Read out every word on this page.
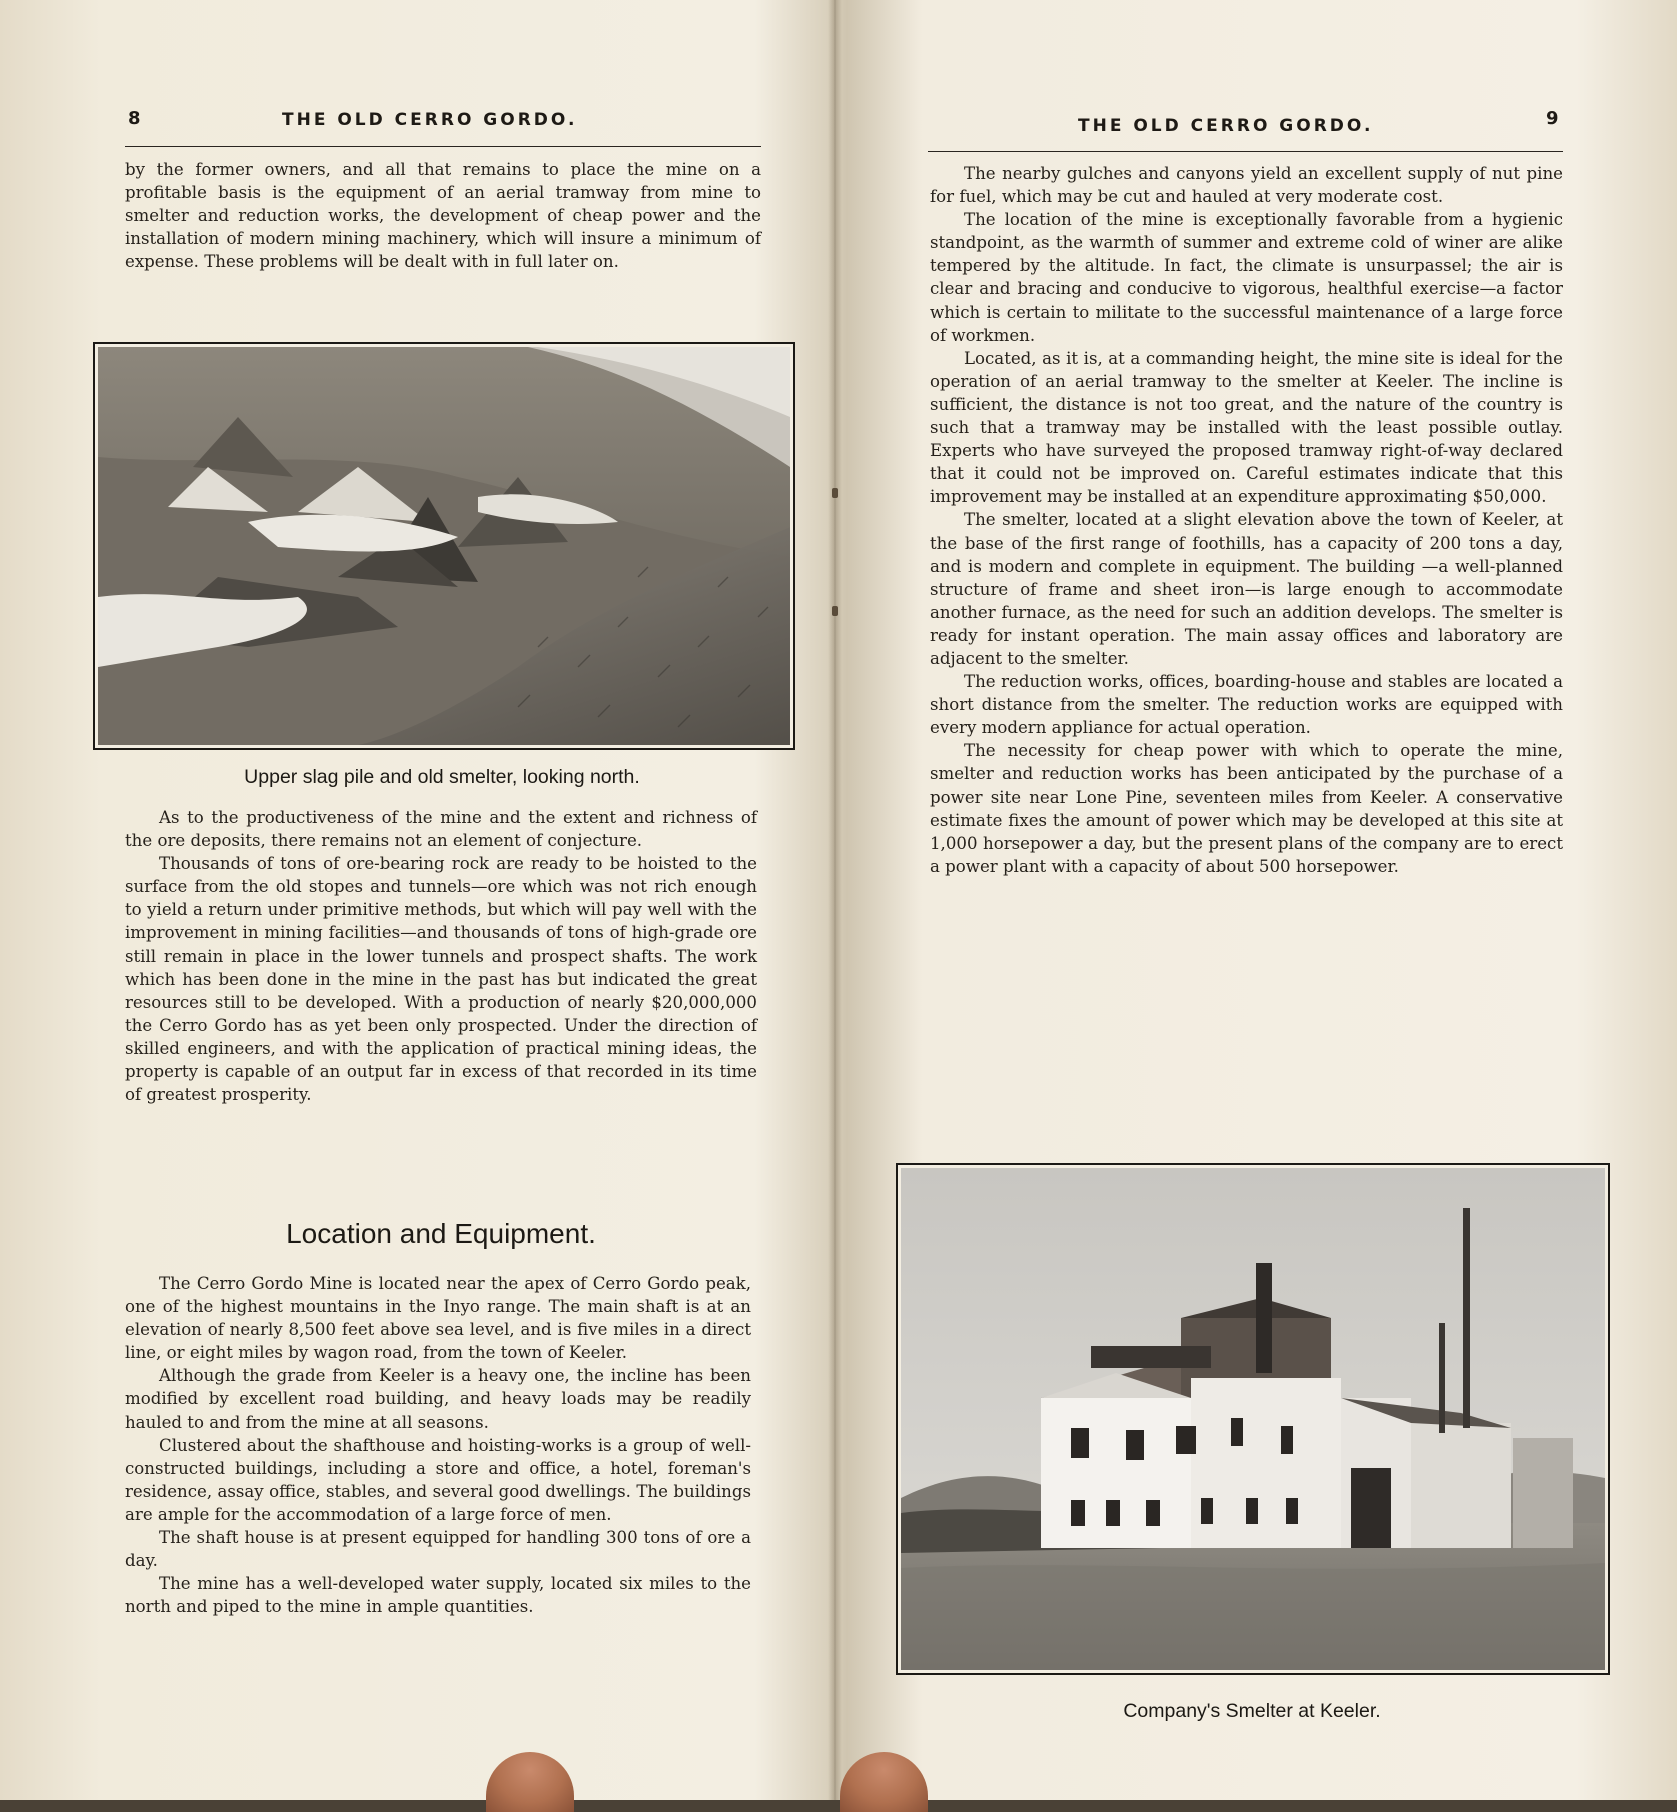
8	THE OLD CERRO GORDO.

by the former owners, and all that remains to place the mine on a profitable basis is the equipment of an aerial tramway from mine to smelter and reduction works, the development of cheap power and the installation of modern mining machinery, which will insure a minimum of expense. These problems will be dealt with in full later on.

Upper slag pile and old smelter, looking north.

As to the productiveness of the mine and the extent and richness of the ore deposits, there remains not an element of conjecture.

Thousands of tons of ore-bearing rock are ready to be hoisted to the surface from the old stopes and tunnels—ore which was not rich enough to yield a return under primitive methods, but which will pay well with the improvement in mining facilities—and thousands of tons of high-grade ore still remain in place in the lower tunnels and prospect shafts. The work which has been done in the mine in the past has but indicated the great resources still to be developed. With a production of nearly $20,000,000 the Cerro Gordo has as yet been only prospected. Under the direction of skilled engineers, and with the application of practical mining ideas, the property is capable of an output far in excess of that recorded in its time of greatest prosperity.

Location and Equipment.

The Cerro Gordo Mine is located near the apex of Cerro Gordo peak, one of the highest mountains in the Inyo range. The main shaft is at an elevation of nearly 8,500 feet above sea level, and is five miles in a direct line, or eight miles by wagon road, from the town of Keeler.

Although the grade from Keeler is a heavy one, the incline has been modified by excellent road building, and heavy loads may be readily hauled to and from the mine at all seasons.

Clustered about the shafthouse and hoisting-works is a group of well-constructed buildings, including a store and office, a hotel, foreman's residence, assay office, stables, and several good dwellings. The buildings are ample for the accommodation of a large force of men.

The shaft house is at present equipped for handling 300 tons of ore a day.

The mine has a well-developed water supply, located six miles to the north and piped to the mine in ample quantities.

THE OLD CERRO GORDO.	9

The nearby gulches and canyons yield an excellent supply of nut pine for fuel, which may be cut and hauled at very moderate cost.

The location of the mine is exceptionally favorable from a hygienic standpoint, as the warmth of summer and extreme cold of winer are alike tempered by the altitude. In fact, the climate is unsurpassel; the air is clear and bracing and conducive to vigorous, healthful exercise—a factor which is certain to militate to the successful maintenance of a large force of workmen.

Located, as it is, at a commanding height, the mine site is ideal for the operation of an aerial tramway to the smelter at Keeler. The incline is sufficient, the distance is not too great, and the nature of the country is such that a tramway may be installed with the least possible outlay. Experts who have surveyed the proposed tramway right-of-way declared that it could not be improved on. Careful estimates indicate that this improvement may be installed at an expenditure approximating $50,000.

The smelter, located at a slight elevation above the town of Keeler, at the base of the first range of foothills, has a capacity of 200 tons a day, and is modern and complete in equipment. The building —a well-planned structure of frame and sheet iron—is large enough to accommodate another furnace, as the need for such an addition develops. The smelter is ready for instant operation. The main assay offices and laboratory are adjacent to the smelter.

The reduction works, offices, boarding-house and stables are located a short distance from the smelter. The reduction works are equipped with every modern appliance for actual operation.

The necessity for cheap power with which to operate the mine, smelter and reduction works has been anticipated by the purchase of a power site near Lone Pine, seventeen miles from Keeler. A conservative estimate fixes the amount of power which may be developed at this site at 1,000 horsepower a day, but the present plans of the company are to erect a power plant with a capacity of about 500 horsepower.

Company's Smelter at Keeler.
